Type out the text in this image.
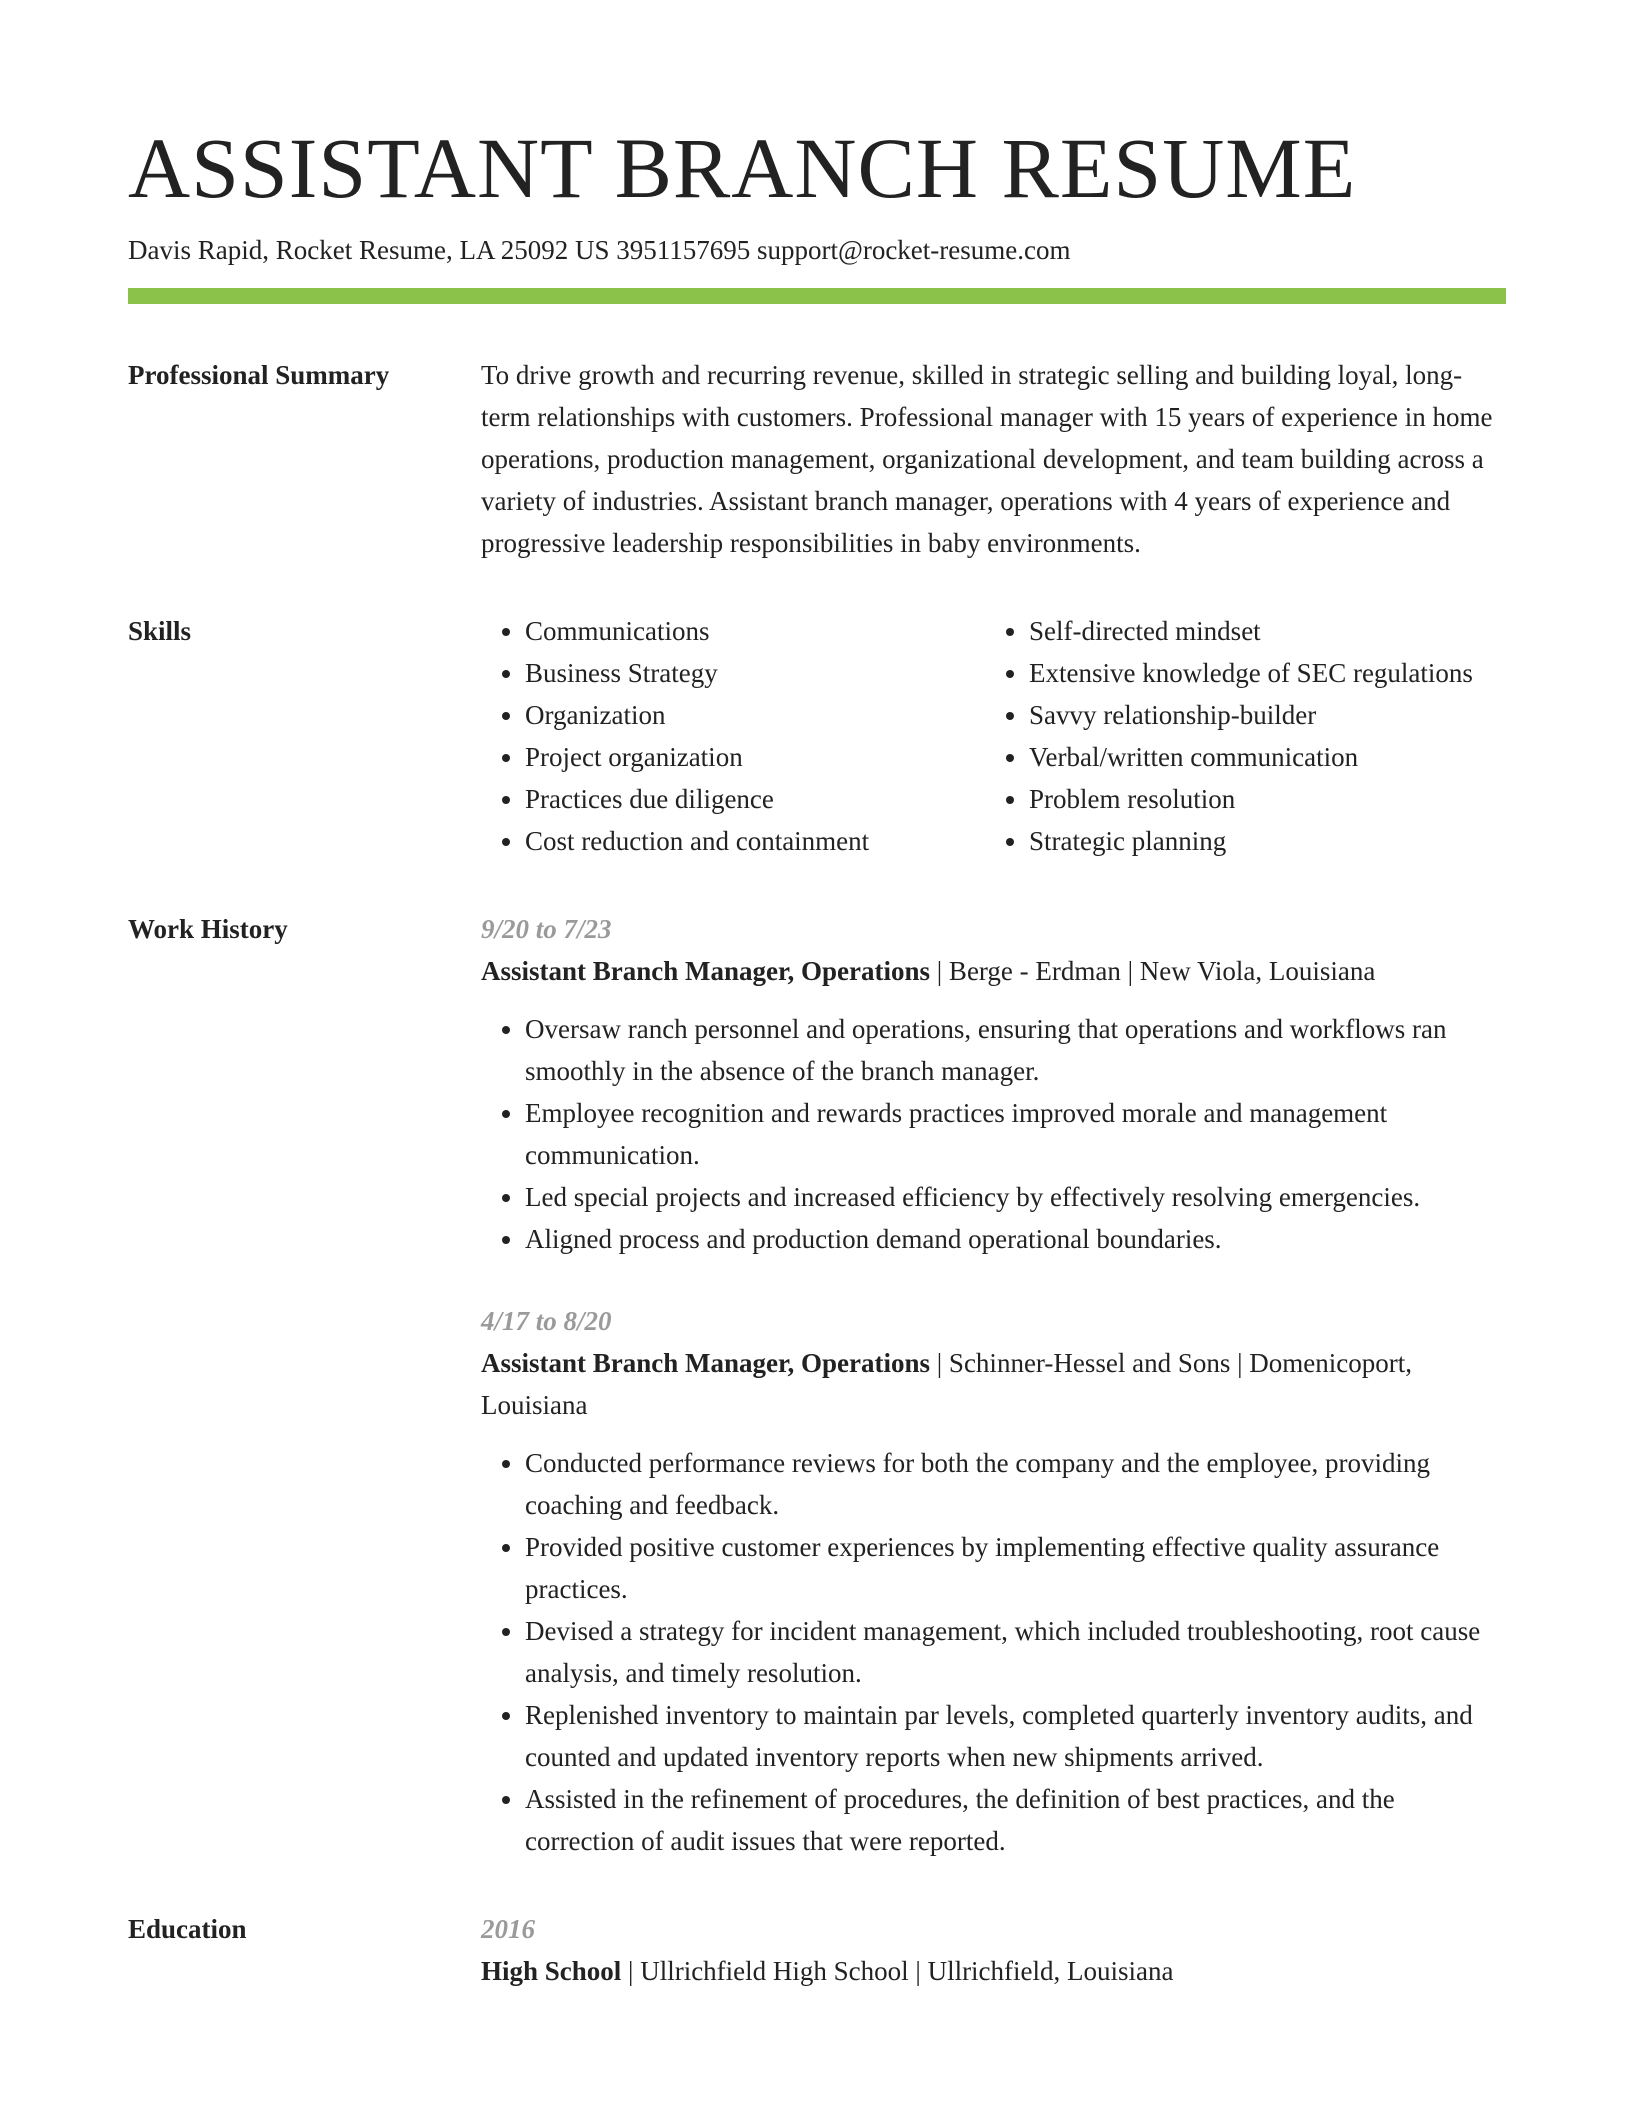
ASSISTANT BRANCH RESUME
Davis Rapid, Rocket Resume, LA 25092 US 3951157695 support@rocket-resume.com
Professional Summary	To drive growth and recurring revenue, skilled in strategic selling and building loyal, long-term relationships with customers. Professional manager with 15 years of experience in home operations, production management, organizational development, and team building across a variety of industries. Assistant branch manager, operations with 4 years of experience and progressive leadership responsibilities in baby environments.

Skills
•	Communications
• Business Strategy
• Organization
• Project organization
• Practices due diligence
• Cost reduction and containment
• Self-directed mindset
• Extensive knowledge of SEC regulations
• Savvy relationship-builder
• Verbal/written communication
• Problem resolution
• Strategic planning
Work History	9/20 to 7/23
Assistant Branch Manager, Operations | Berge - Erdman | New Viola, Louisiana
• Oversaw ranch personnel and operations, ensuring that operations and workflows ran smoothly in the absence of the branch manager.
• Employee recognition and rewards practices improved morale and management communication.
• Led special projects and increased efficiency by effectively resolving emergencies.
• Aligned process and production demand operational boundaries.
4/17 to 8/20
Assistant Branch Manager, Operations | Schinner-Hessel and Sons | Domenicoport, Louisiana
• Conducted performance reviews for both the company and the employee, providing coaching and feedback.
• Provided positive customer experiences by implementing effective quality assurance practices.
• Devised a strategy for incident management, which included troubleshooting, root cause analysis, and timely resolution.
• Replenished inventory to maintain par levels, completed quarterly inventory audits, and counted and updated inventory reports when new shipments arrived.
• Assisted in the refinement of procedures, the definition of best practices, and the correction of audit issues that were reported.
Education	2016
High School | Ullrichfield High School | Ullrichfield, Louisiana
